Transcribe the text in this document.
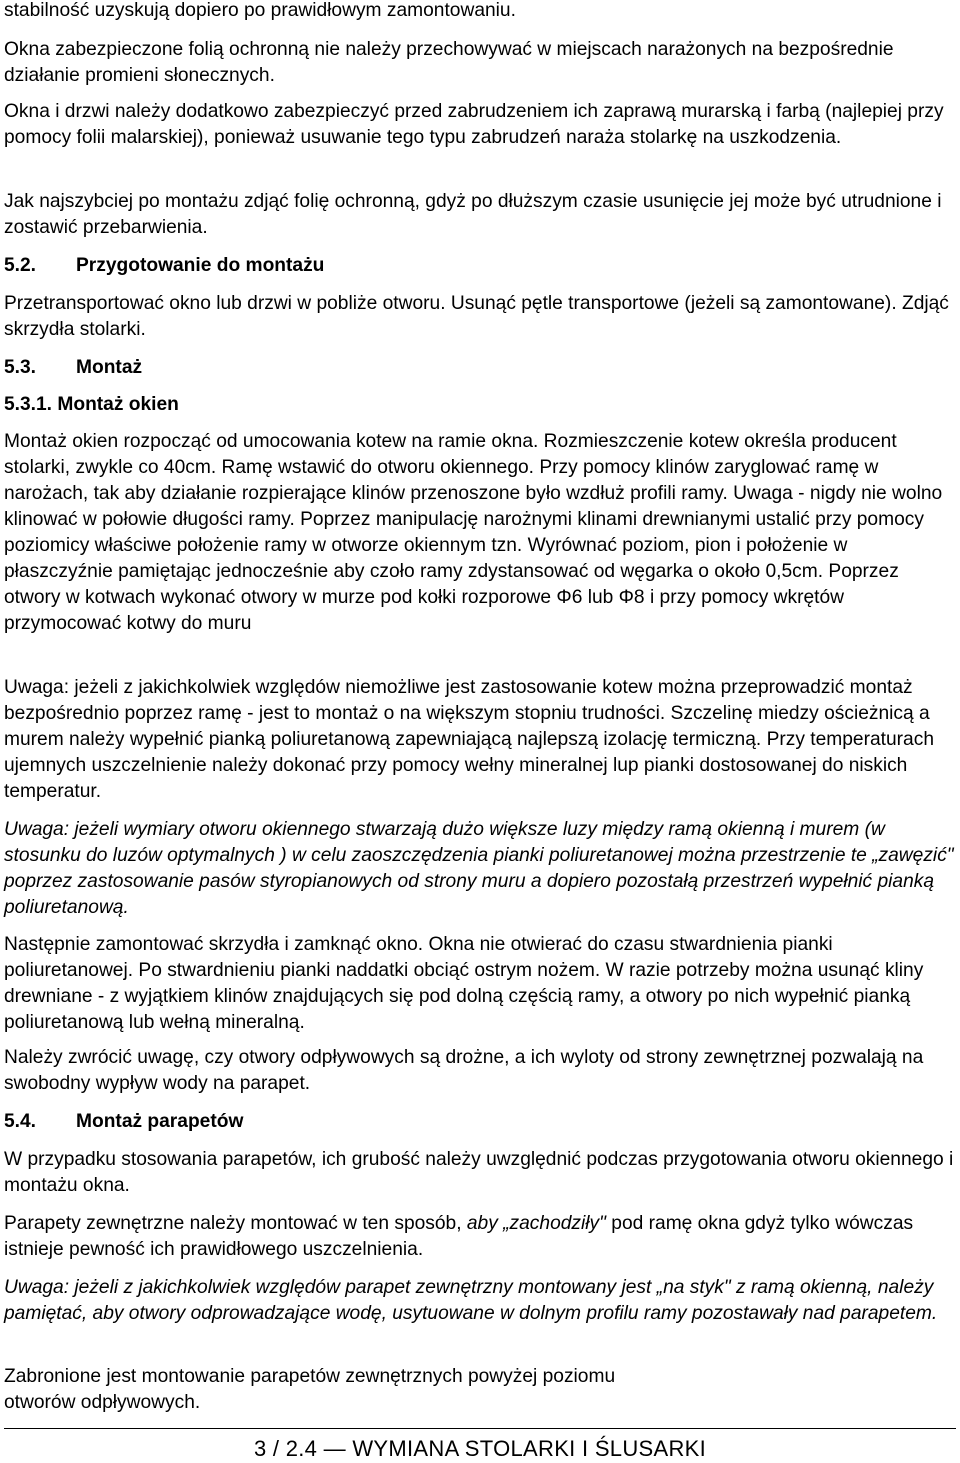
stabilność uzyskują dopiero po prawidłowym zamontowaniu.

Okna zabezpieczone folią ochronną nie należy przechowywać w miejscach narażonych na bezpośrednie działanie promieni słonecznych.

Okna i drzwi należy dodatkowo zabezpieczyć przed zabrudzeniem ich zaprawą murarską i farbą (najlepiej przy pomocy folii malarskiej), ponieważ usuwanie tego typu zabrudzeń naraża stolarkę na uszkodzenia.

Jak najszybciej po montażu zdjąć folię ochronną, gdyż po dłuższym czasie usunięcie jej może być utrudnione i zostawić przebarwienia.

5.2. Przygotowanie do montażu

Przetransportować okno lub drzwi w pobliże otworu. Usunąć pętle transportowe (jeżeli są zamontowane). Zdjąć skrzydła stolarki.

5.3. Montaż
5.3.1. Montaż okien

Montaż okien rozpocząć od umocowania kotew na ramie okna. Rozmieszczenie kotew określa producent stolarki, zwykle co 40cm. Ramę wstawić do otworu okiennego. Przy pomocy klinów zaryglować ramę w narożach, tak aby działanie rozpierające klinów przenoszone było wzdłuż profili ramy. Uwaga - nigdy nie wolno klinować w połowie długości ramy. Poprzez manipulację narożnymi klinami drewnianymi ustalić przy pomocy poziomicy właściwe położenie ramy w otworze okiennym tzn. Wyrównać poziom, pion i położenie w płaszczyźnie pamiętając jednocześnie aby czoło ramy zdystansować od węgarka o około 0,5cm. Poprzez otwory w kotwach wykonać otwory w murze pod kołki rozporowe Φ6 lub Φ8 i przy pomocy wkrętów przymocować kotwy do muru

Uwaga: jeżeli z jakichkolwiek względów niemożliwe jest zastosowanie kotew można przeprowadzić montaż bezpośrednio poprzez ramę - jest to montaż o na większym stopniu trudności. Szczelinę miedzy ościeżnicą a murem należy wypełnić pianką poliuretanową zapewniającą najlepszą izolację termiczną. Przy temperaturach ujemnych uszczelnienie należy dokonać przy pomocy wełny mineralnej lup pianki dostosowanej do niskich temperatur.

Uwaga: jeżeli wymiary otworu okiennego stwarzają dużo większe luzy między ramą okienną i murem (w stosunku do luzów optymalnych ) w celu zaoszczędzenia pianki poliuretanowej można przestrzenie te „zawęzić" poprzez zastosowanie pasów styropianowych od strony muru a dopiero pozostałą przestrzeń wypełnić pianką poliuretanową.

Następnie zamontować skrzydła i zamknąć okno. Okna nie otwierać do czasu stwardnienia pianki poliuretanowej. Po stwardnieniu pianki naddatki obciąć ostrym nożem. W razie potrzeby można usunąć kliny drewniane - z wyjątkiem klinów znajdujących się pod dolną częścią ramy, a otwory po nich wypełnić pianką poliuretanową lub wełną mineralną.

Należy zwrócić uwagę, czy otwory odpływowych są drożne, a ich wyloty od strony zewnętrznej pozwalają na swobodny wypływ wody na parapet.

5.4. Montaż parapetów

W przypadku stosowania parapetów, ich grubość należy uwzględnić podczas przygotowania otworu okiennego i montażu okna.

Parapety zewnętrzne należy montować w ten sposób, aby „zachodziły" pod ramę okna gdyż tylko wówczas istnieje pewność ich prawidłowego uszczelnienia.

Uwaga: jeżeli z jakichkolwiek względów parapet zewnętrzny montowany jest „na styk" z ramą okienną, należy pamiętać, aby otwory odprowadzające wodę, usytuowane w dolnym profilu ramy pozostawały nad parapetem.

Zabronione jest montowanie parapetów zewnętrznych powyżej poziomu
otworów odpływowych.
3 / 2.4 — WYMIANA STOLARKI I ŚLUSARKI
